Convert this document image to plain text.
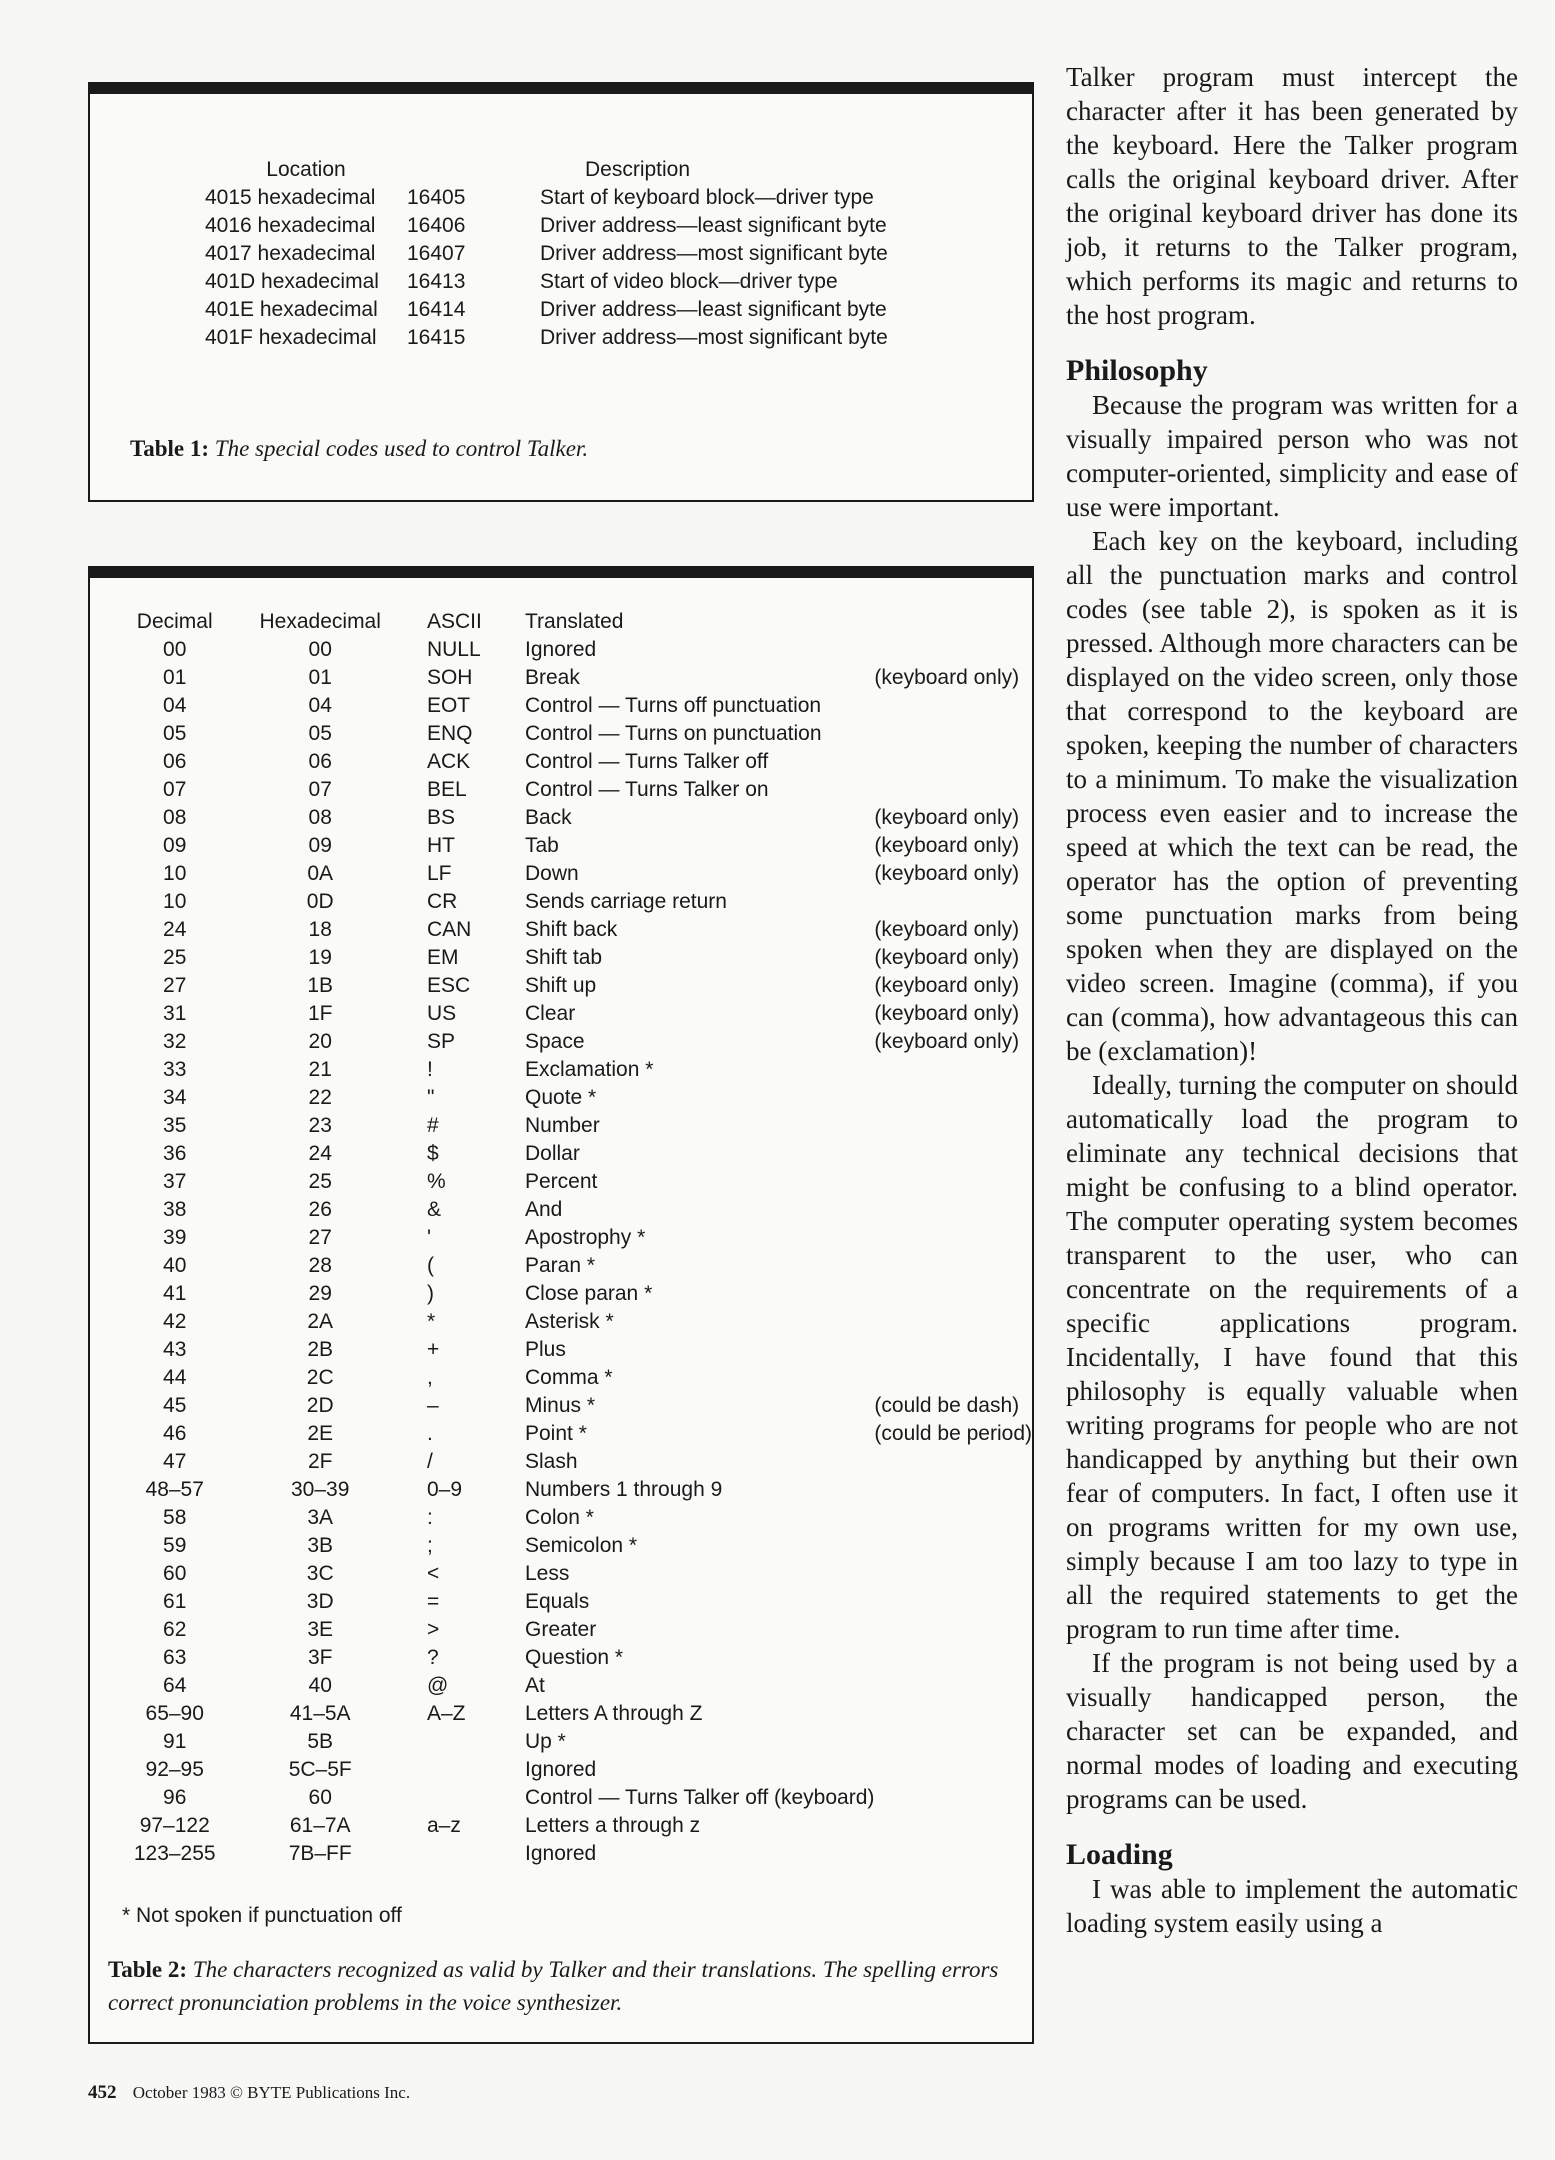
Location		Description
4015 hexadecimal	16405	Start of keyboard block—driver type
4016 hexadecimal	16406	Driver address—least significant byte
4017 hexadecimal	16407	Driver address—most significant byte
401D hexadecimal	16413	Start of video block—driver type
401E hexadecimal	16414	Driver address—least significant byte
401F hexadecimal	16415	Driver address—most significant byte
Table 1: The special codes used to control Talker.
Decimal	Hexadecimal	ASCII	Translated	
00	00	NULL	Ignored	
01	01	SOH	Break	(keyboard only)
04	04	EOT	Control — Turns off punctuation	
05	05	ENQ	Control — Turns on punctuation	
06	06	ACK	Control — Turns Talker off	
07	07	BEL	Control — Turns Talker on	
08	08	BS	Back	(keyboard only)
09	09	HT	Tab	(keyboard only)
10	0A	LF	Down	(keyboard only)
10	0D	CR	Sends carriage return	
24	18	CAN	Shift back	(keyboard only)
25	19	EM	Shift tab	(keyboard only)
27	1B	ESC	Shift up	(keyboard only)
31	1F	US	Clear	(keyboard only)
32	20	SP	Space	(keyboard only)
33	21	!	Exclamation *	
34	22	"	Quote *	
35	23	#	Number	
36	24	$	Dollar	
37	25	%	Percent	
38	26	&	And	
39	27	'	Apostrophy *	
40	28	(	Paran *	
41	29	)	Close paran *	
42	2A	*	Asterisk *	
43	2B	+	Plus	
44	2C	,	Comma *	
45	2D	–	Minus *	(could be dash)
46	2E	.	Point *	(could be period)
47	2F	/	Slash	
48–57	30–39	0–9	Numbers 1 through 9	
58	3A	:	Colon *	
59	3B	;	Semicolon *	
60	3C	<	Less	
61	3D	=	Equals	
62	3E	>	Greater	
63	3F	?	Question *	
64	40	@	At	
65–90	41–5A	A–Z	Letters A through Z	
91	5B		Up *	
92–95	5C–5F		Ignored	
96	60		Control — Turns Talker off (keyboard)	
97–122	61–7A	a–z	Letters a through z	
123–255	7B–FF		Ignored	
* Not spoken if punctuation off
Table 2: The characters recognized as valid by Talker and their translations. The spelling errors correct pronunciation problems in the voice synthesizer.

Talker program must intercept the character after it has been generated by the keyboard. Here the Talker program calls the original keyboard driver. After the original keyboard driver has done its job, it returns to the Talker program, which performs its magic and returns to the host program.

Philosophy

Because the program was written for a visually impaired person who was not computer-oriented, simplicity and ease of use were important.

Each key on the keyboard, including all the punctuation marks and control codes (see table 2), is spoken as it is pressed. Although more characters can be displayed on the video screen, only those that correspond to the keyboard are spoken, keeping the number of characters to a minimum. To make the visualization process even easier and to increase the speed at which the text can be read, the operator has the option of preventing some punctuation marks from being spoken when they are displayed on the video screen. Imagine (comma), if you can (comma), how advantageous this can be (exclamation)!

Ideally, turning the computer on should automatically load the program to eliminate any technical decisions that might be confusing to a blind operator. The computer operating system becomes transparent to the user, who can concentrate on the requirements of a specific applications program. Incidentally, I have found that this philosophy is equally valuable when writing programs for people who are not handicapped by anything but their own fear of computers. In fact, I often use it on programs written for my own use, simply because I am too lazy to type in all the required statements to get the program to run time after time.

If the program is not being used by a visually handicapped person, the character set can be expanded, and normal modes of loading and executing programs can be used.

Loading

I was able to implement the automatic loading system easily using a

452 October 1983 © BYTE Publications Inc.
